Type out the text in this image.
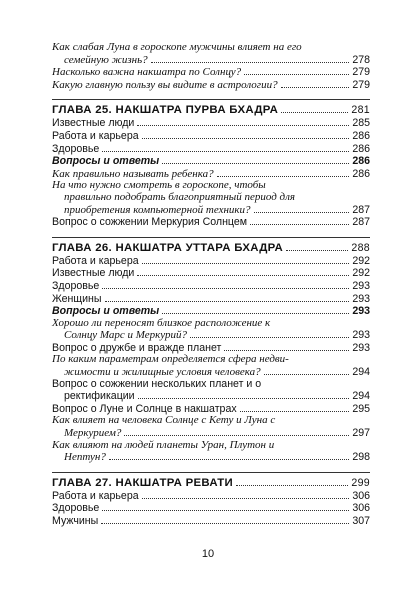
Как слабая Луна в гороскопе мужчины влияет на его
семейную жизнь?	278
Насколько важна накшатра по Солнцу?	279
Какую главную пользу вы видите в астрологии?	279
ГЛАВА 25. НАКШАТРА ПУРВА БХАДРА	281
Известные люди	285
Работа и карьера	286
Здоровье	286
Вопросы и ответы	286
Как правильно называть ребенка?	286
На что нужно смотреть в гороскопе, чтобы
правильно подобрать благоприятный период для
приобретения компьютерной техники?	287
Вопрос о сожжении Меркурия Солнцем	287
ГЛАВА 26. НАКШАТРА УТТАРА БХАДРА	288
Работа и карьера	292
Известные люди	292
Здоровье	293
Женщины	293
Вопросы и ответы	293
Хорошо ли переносят близкое расположение к
Солнцу Марс и Меркурий?	293
Вопрос о дружбе и вражде планет	293
По каким параметрам определяется сфера недви-
жимости и жилищные условия человека?	294
Вопрос о сожжении нескольких планет и о
ректификации	294
Вопрос о Луне и Солнце в накшатрах	295
Как влияет на человека Солнце с Кету и Луна с
Меркурием?	297
Как влияют на людей планеты Уран, Плутон и
Нептун?	298
ГЛАВА 27. НАКШАТРА РЕВАТИ	299
Работа и карьера	306
Здоровье	306
Мужчины	307
10
